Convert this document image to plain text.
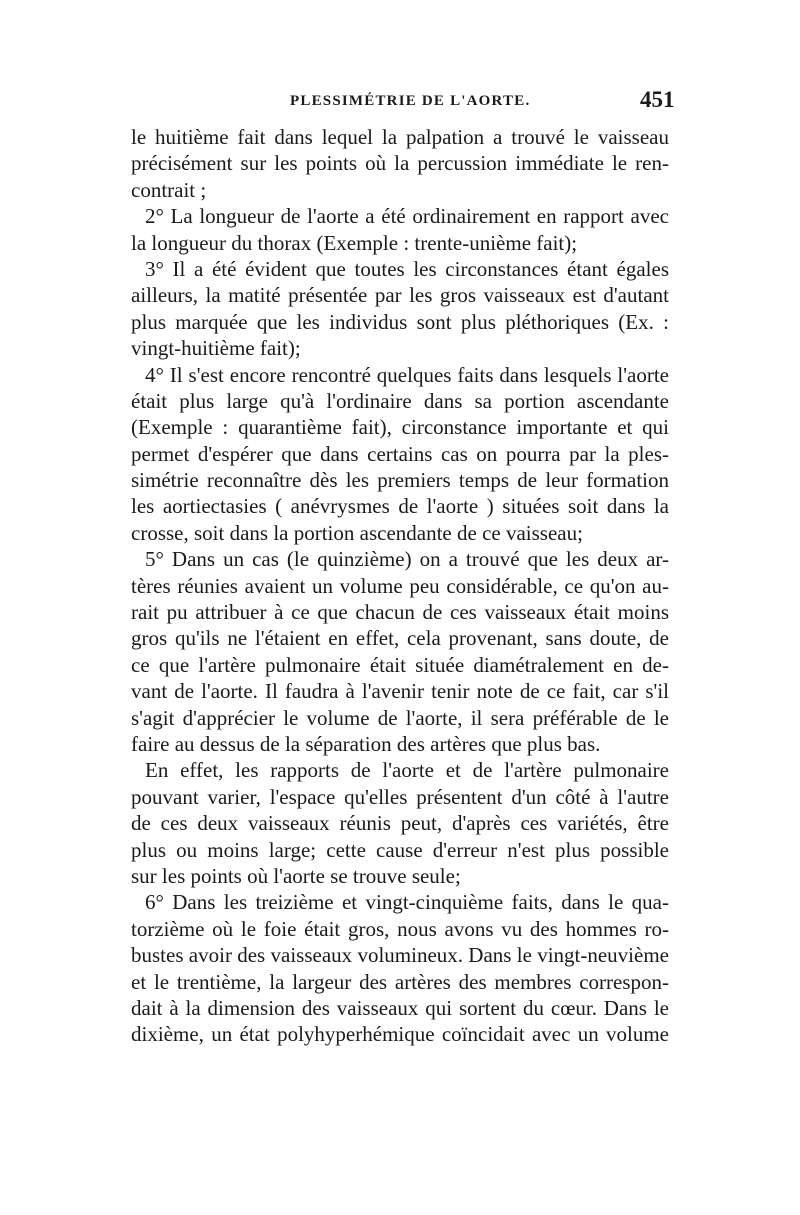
PLESSIMÉTRIE DE L'AORTE.	451
le huitième fait dans lequel la palpation a trouvé le vaisseau
précisément sur les points où la percussion immédiate le ren-
contrait ;
2° La longueur de l'aorte a été ordinairement en rapport avec
la longueur du thorax (Exemple : trente-unième fait);
3° Il a été évident que toutes les circonstances étant égales
ailleurs, la matité présentée par les gros vaisseaux est d'autant
plus marquée que les individus sont plus pléthoriques (Ex. :
vingt-huitième fait);
4° Il s'est encore rencontré quelques faits dans lesquels l'aorte
était plus large qu'à l'ordinaire dans sa portion ascendante
(Exemple : quarantième fait), circonstance importante et qui
permet d'espérer que dans certains cas on pourra par la ples-
simétrie reconnaître dès les premiers temps de leur formation
les aortiectasies ( anévrysmes de l'aorte ) situées soit dans la
crosse, soit dans la portion ascendante de ce vaisseau;
5° Dans un cas (le quinzième) on a trouvé que les deux ar-
tères réunies avaient un volume peu considérable, ce qu'on au-
rait pu attribuer à ce que chacun de ces vaisseaux était moins
gros qu'ils ne l'étaient en effet, cela provenant, sans doute, de
ce que l'artère pulmonaire était située diamétralement en de-
vant de l'aorte. Il faudra à l'avenir tenir note de ce fait, car s'il
s'agit d'apprécier le volume de l'aorte, il sera préférable de le
faire au dessus de la séparation des artères que plus bas.
En effet, les rapports de l'aorte et de l'artère pulmonaire
pouvant varier, l'espace qu'elles présentent d'un côté à l'autre
de ces deux vaisseaux réunis peut, d'après ces variétés, être
plus ou moins large; cette cause d'erreur n'est plus possible
sur les points où l'aorte se trouve seule;
6° Dans les treizième et vingt-cinquième faits, dans le qua-
torzième où le foie était gros, nous avons vu des hommes ro-
bustes avoir des vaisseaux volumineux. Dans le vingt-neuvième
et le trentième, la largeur des artères des membres correspon-
dait à la dimension des vaisseaux qui sortent du cœur. Dans le
dixième, un état polyhyperhémique coïncidait avec un volume
